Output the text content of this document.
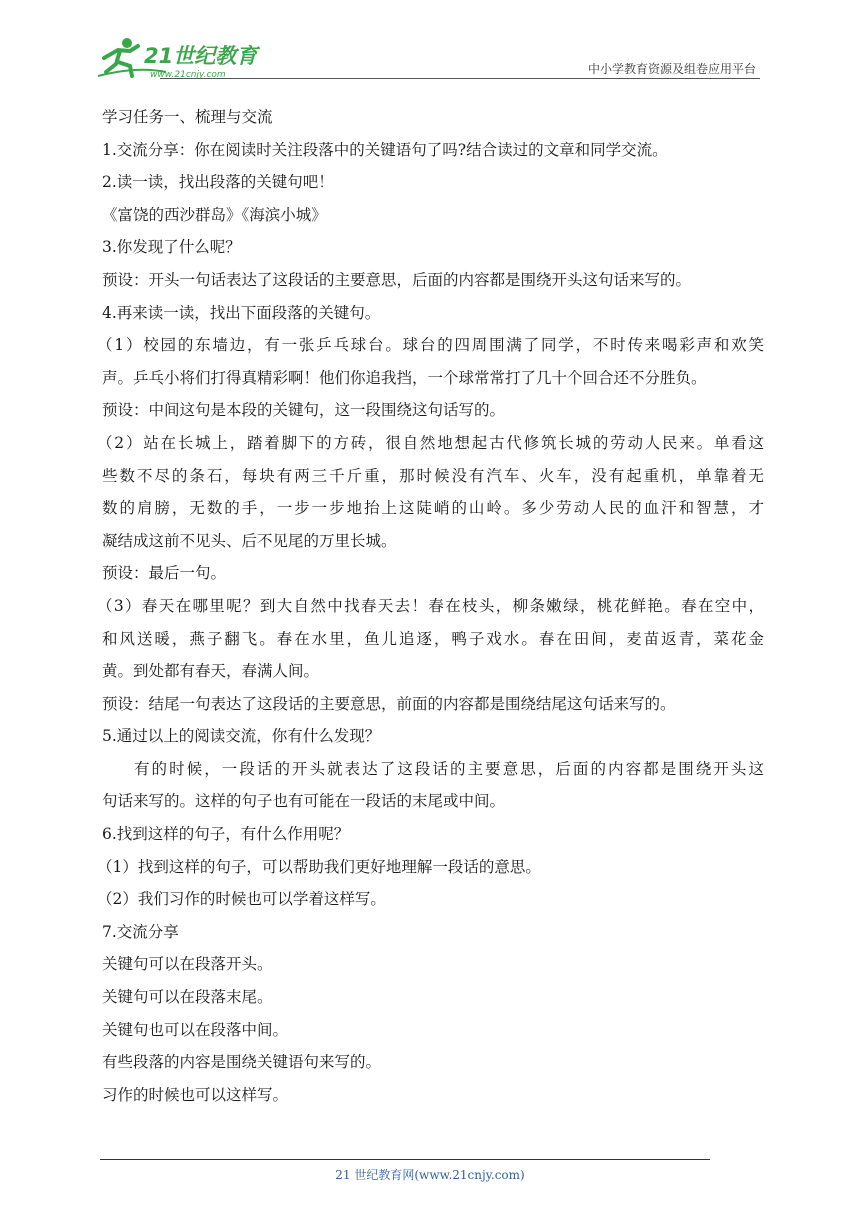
21世纪教育
www.21cnjy.com	中小学教育资源及组卷应用平台
学习任务一、梳理与交流
1.交流分享：你在阅读时关注段落中的关键语句了吗?结合读过的文章和同学交流。
2.读一读，找出段落的关键句吧！
《富饶的西沙群岛》《海滨小城》
3.你发现了什么呢？
预设：开头一句话表达了这段话的主要意思，后面的内容都是围绕开头这句话来写的。
4.再来读一读，找出下面段落的关键句。
（1）校园的东墙边，有一张乒乓球台。球台的四周围满了同学，不时传来喝彩声和欢笑
声。乒乓小将们打得真精彩啊！他们你追我挡，一个球常常打了几十个回合还不分胜负。
预设：中间这句是本段的关键句，这一段围绕这句话写的。
（2）站在长城上，踏着脚下的方砖，很自然地想起古代修筑长城的劳动人民来。单看这
些数不尽的条石，每块有两三千斤重，那时候没有汽车、火车，没有起重机，单靠着无
数的肩膀，无数的手，一步一步地抬上这陡峭的山岭。多少劳动人民的血汗和智慧，才
凝结成这前不见头、后不见尾的万里长城。
预设：最后一句。
（3）春天在哪里呢？到大自然中找春天去！春在枝头，柳条嫩绿，桃花鲜艳。春在空中，
和风送暖，燕子翻飞。春在水里，鱼儿追逐，鸭子戏水。春在田间，麦苗返青，菜花金
黄。到处都有春天，春满人间。
预设：结尾一句表达了这段话的主要意思，前面的内容都是围绕结尾这句话来写的。
5.通过以上的阅读交流，你有什么发现？
有的时候，一段话的开头就表达了这段话的主要意思，后面的内容都是围绕开头这
句话来写的。这样的句子也有可能在一段话的末尾或中间。
6.找到这样的句子，有什么作用呢？
（1）找到这样的句子，可以帮助我们更好地理解一段话的意思。
（2）我们习作的时候也可以学着这样写。
7.交流分享
关键句可以在段落开头。
关键句可以在段落末尾。
关键句也可以在段落中间。
有些段落的内容是围绕关键语句来写的。
习作的时候也可以这样写。
21 世纪教育网(www.21cnjy.com)
